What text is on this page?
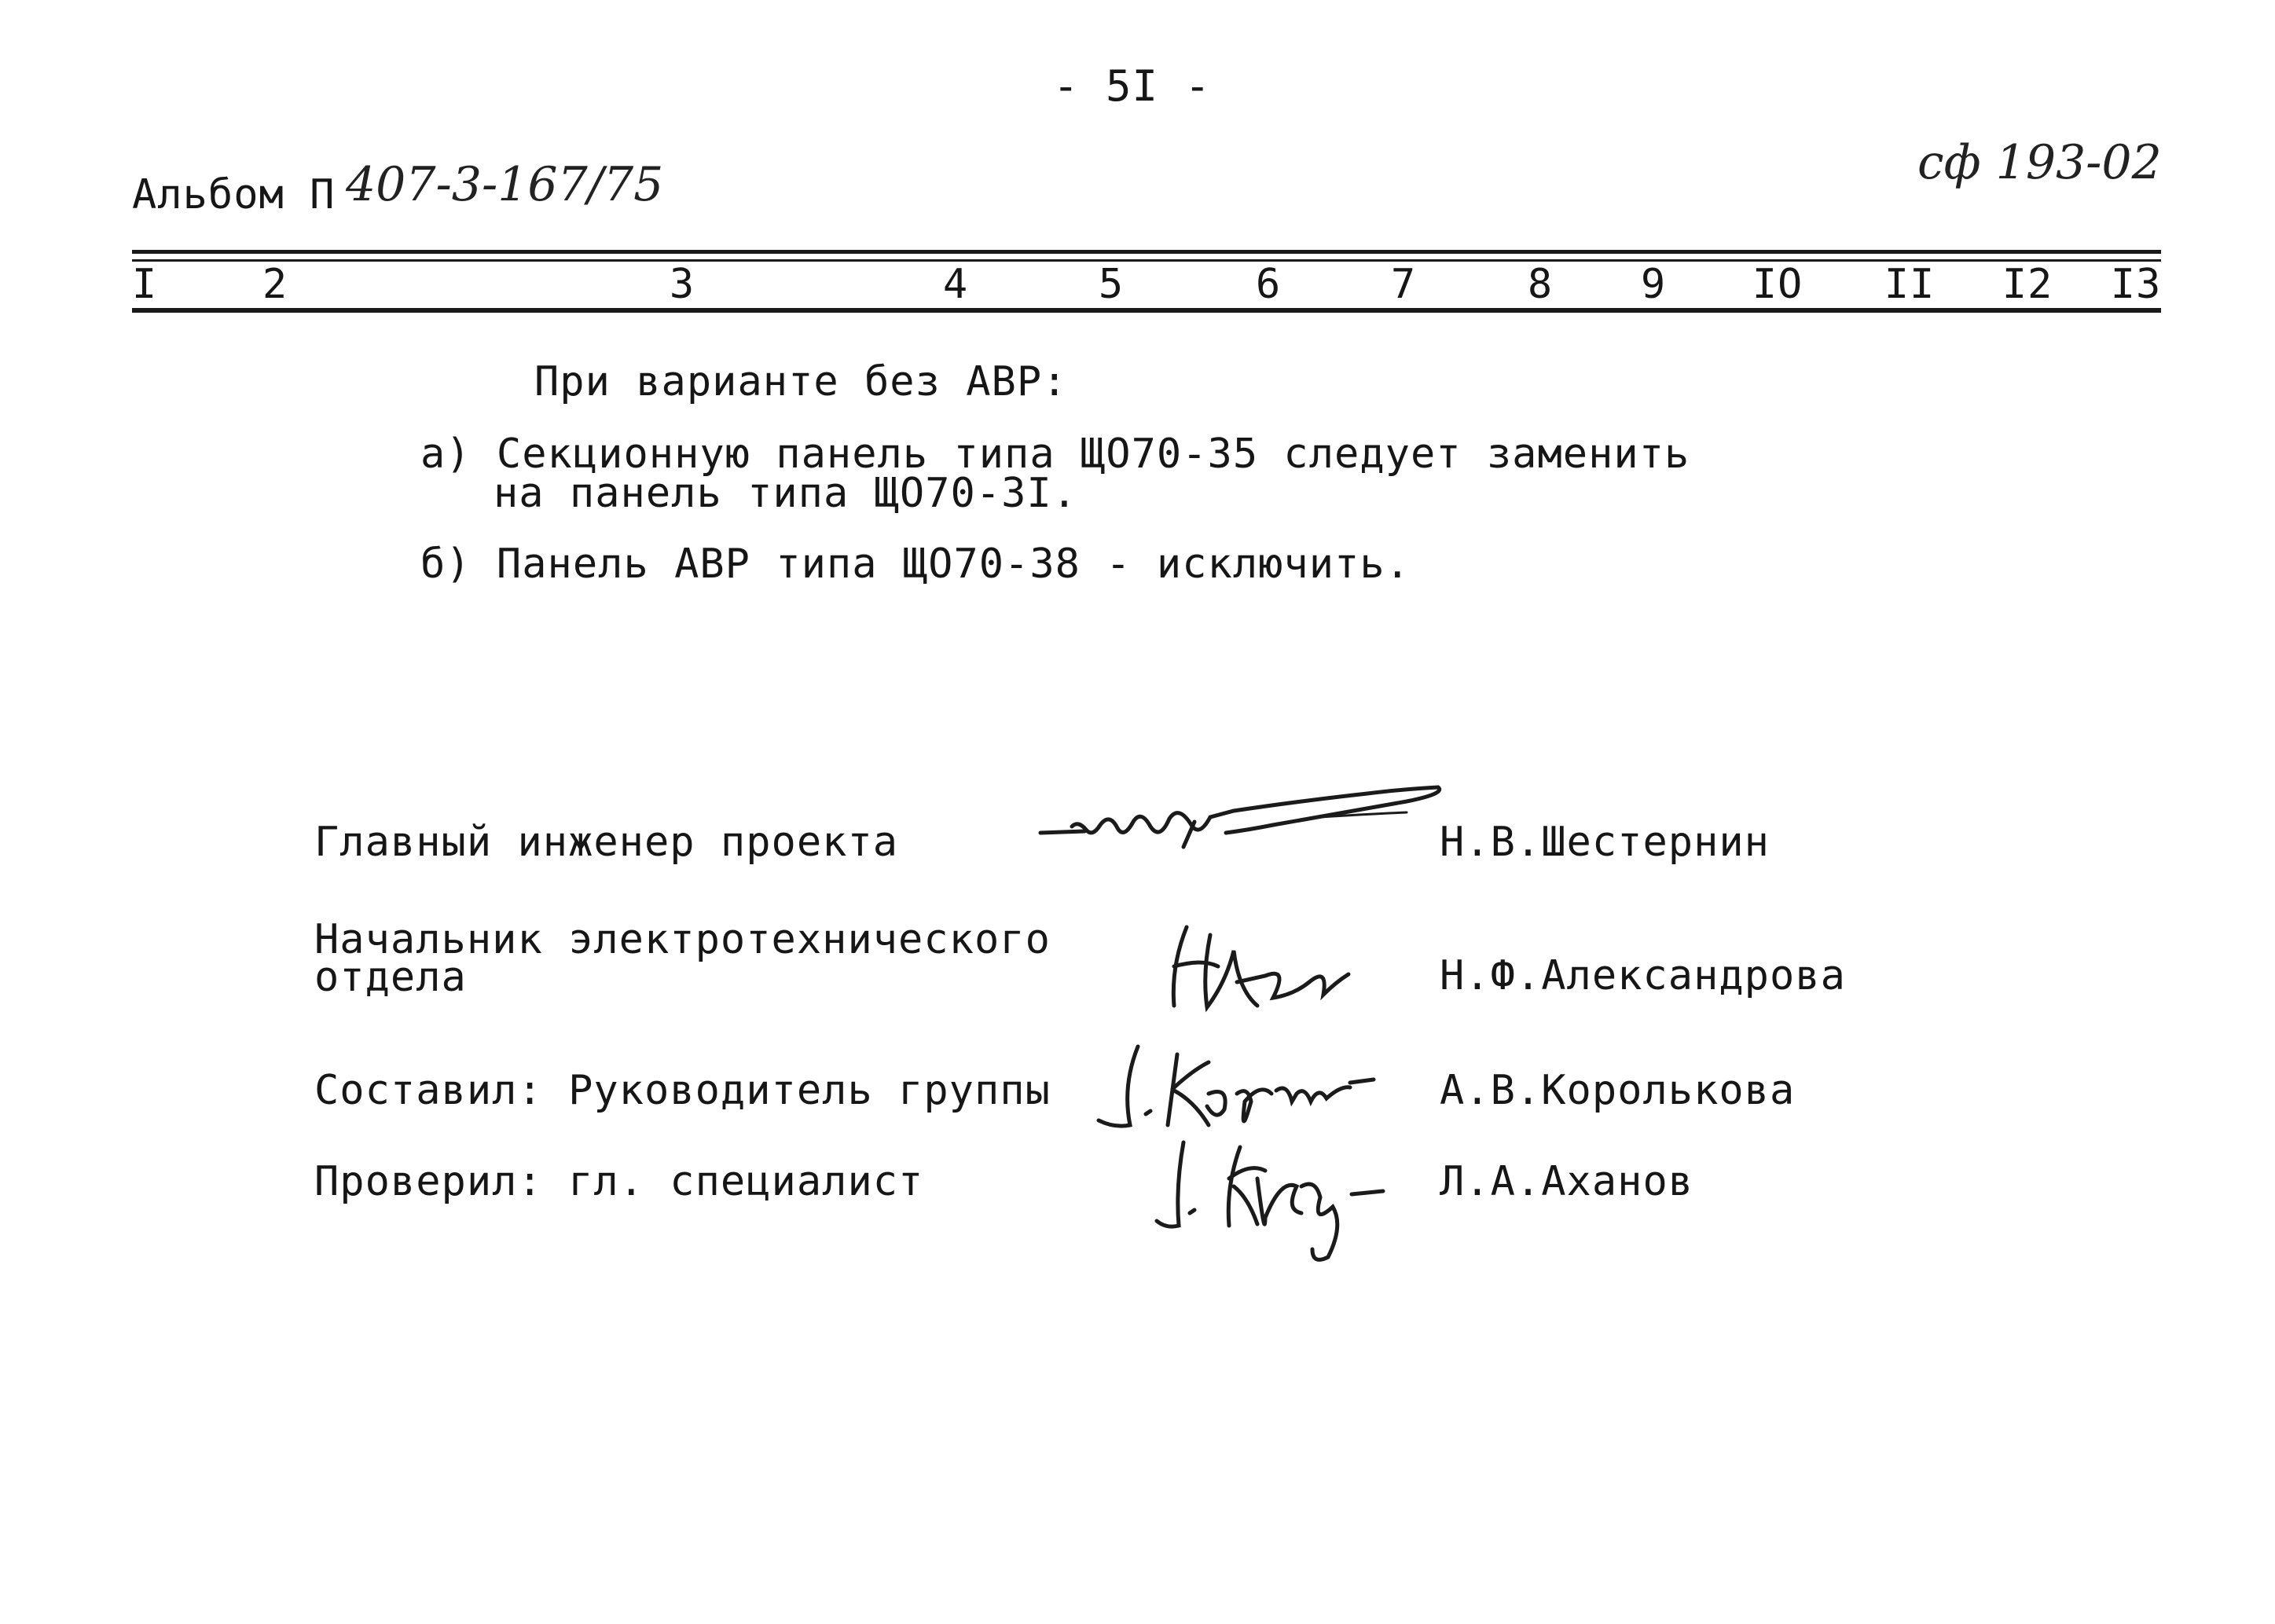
- 5I -
Альбом П 407-3-167/75	сф 193-02
I	2	3	4	5	6	7	8 9 IO II I2 I3
При варианте без АВР:
а) Секционную панель типа ЩО70-35 следует заменить
на панель типа ЩО70-3I.
б) Панель АВР типа ЩО70-38 - исключить.
Главный инженер проекта	Н.В.Шестернин
Начальник электротехнического
отдела	Н.Ф.Александрова
Составил: Руководитель группы	А.В.Королькова
Проверил: гл. специалист	Л.А.Аханов
